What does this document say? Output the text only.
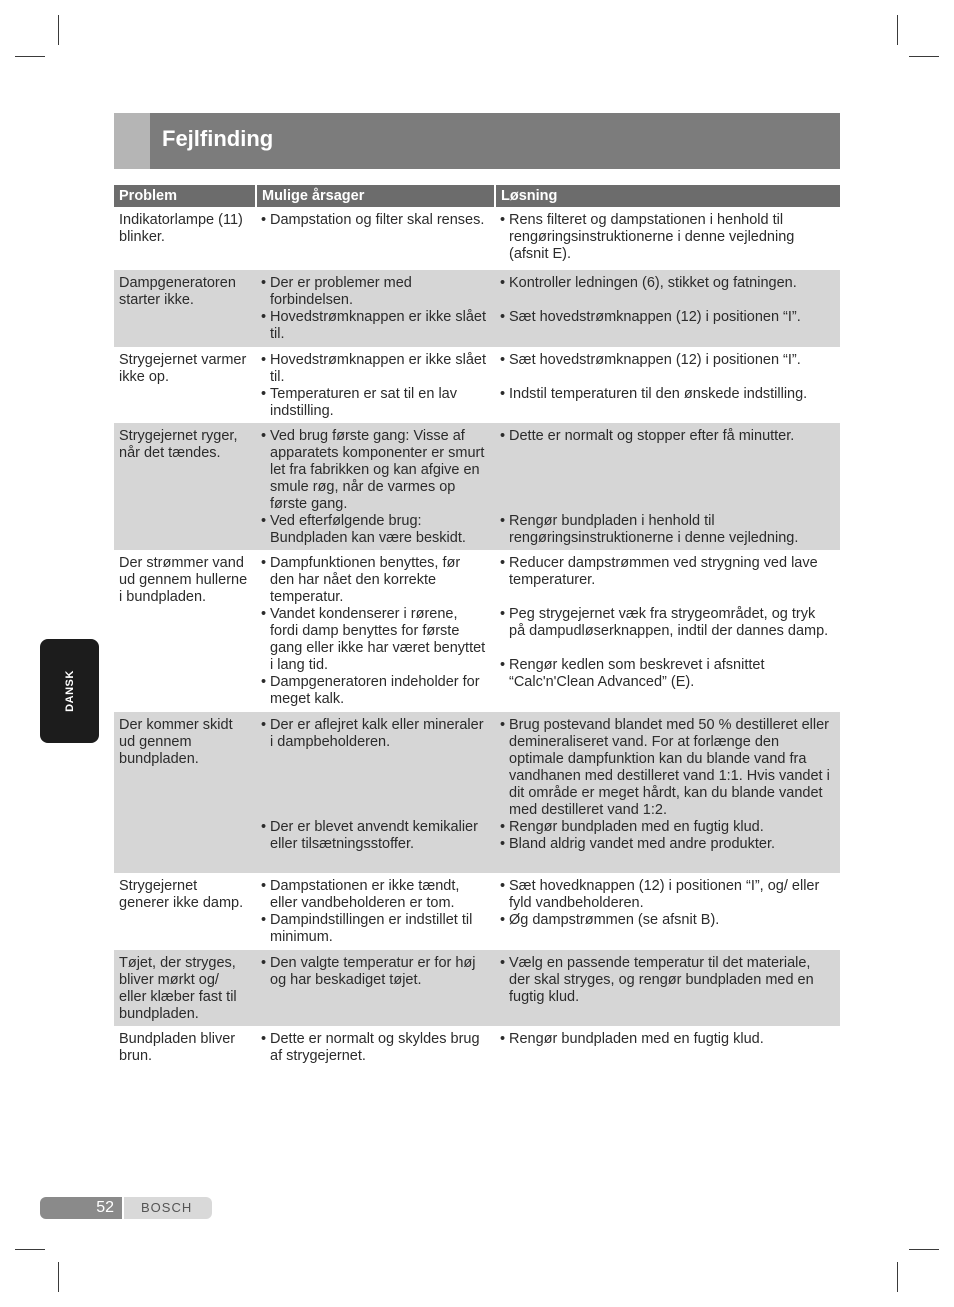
Fejlfinding
Problem	Mulige årsager	Løsning
Indikatorlampe (11) blinker.
• Dampstation og filter skal renses.
•	Rens filteret og dampstationen i henhold til rengøringsinstruktionerne i denne vejledning (afsnit E).
Dampgeneratoren starter ikke.
• Der er problemer med forbindelsen.
• Hovedstrømknappen er ikke slået til.
• Kontroller ledningen (6), stikket og fatningen.
• Sæt hovedstrømknappen (12) i positionen “I”.
Strygejernet varmer ikke op.
• Hovedstrømknappen er ikke slået til.
• Temperaturen er sat til en lav indstilling.
• Sæt hovedstrømknappen (12) i positionen “I”.
• Indstil temperaturen til den ønskede indstilling.
Strygejernet ryger, når det tændes.
• Ved brug første gang: Visse af apparatets komponenter er smurt let fra fabrikken og kan afgive en smule røg, når de varmes op første gang.
• Ved efterfølgende brug: Bundpladen kan være beskidt.
• Dette er normalt og stopper efter få minutter.
• Rengør bundpladen i henhold til rengøringsinstruktionerne i denne vejledning.
Der strømmer vand ud gennem hullerne i bundpladen.
• Dampfunktionen benyttes, før den har nået den korrekte temperatur.
• Vandet kondenserer i rørene, fordi damp benyttes for første gang eller ikke har været benyttet i lang tid.
• Dampgeneratoren indeholder for meget kalk.
• Reducer dampstrømmen ved strygning ved lave temperaturer.
• Peg strygejernet væk fra strygeområdet, og tryk på dampudløserknappen, indtil der dannes damp.
• Rengør kedlen som beskrevet i afsnittet “Calc'n'Clean Advanced” (E).
Der kommer skidt ud gennem bundpladen.
• Der er aflejret kalk eller mineraler i dampbeholderen.
• Der er blevet anvendt kemikalier eller tilsætningsstoffer.
• Brug postevand blandet med 50 % destilleret eller demineraliseret vand. For at forlænge den optimale dampfunktion kan du blande vand fra vandhanen med destilleret vand 1:1. Hvis vandet i dit område er meget hårdt, kan du blande vandet med destilleret vand 1:2.
• Rengør bundpladen med en fugtig klud.
• Bland aldrig vandet med andre produkter.
Strygejernet generer ikke damp.
• Dampstationen er ikke tændt, eller vandbeholderen er tom.
• Dampindstillingen er indstillet til minimum.
• Sæt hovedknappen (12) i positionen “I”, og/ eller fyld vandbeholderen.
• Øg dampstrømmen (se afsnit B).
Tøjet, der stryges, bliver mørkt og/ eller klæber fast til bundpladen.
• Den valgte temperatur er for høj og har beskadiget tøjet.
• Vælg en passende temperatur til det materiale, der skal stryges, og rengør bundpladen med en fugtig klud.
Bundpladen bliver brun.
• Dette er normalt og skyldes brug af strygejernet.
• Rengør bundpladen med en fugtig klud.
DANSK
52	BOSCH
